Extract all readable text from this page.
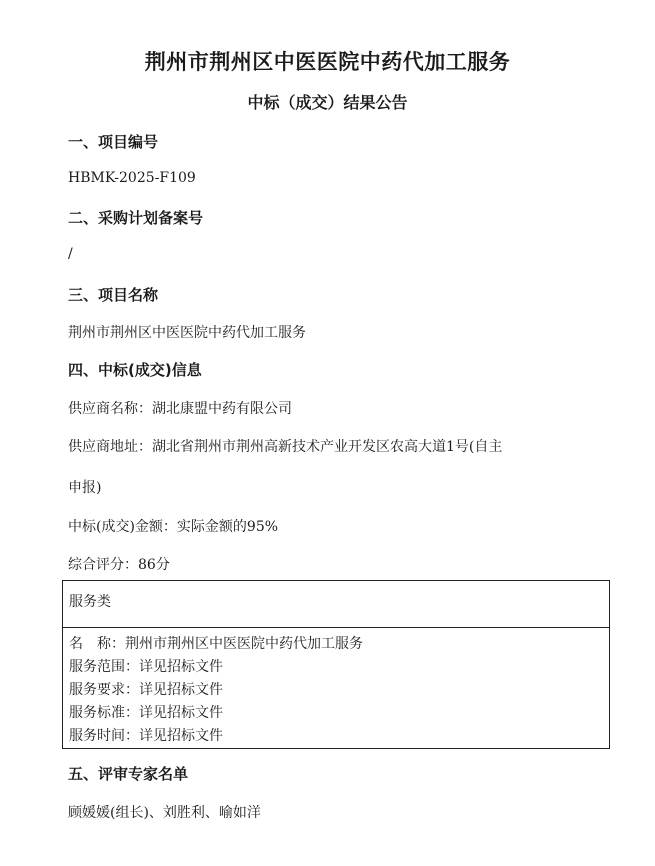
荆州市荆州区中医医院中药代加工服务
中标（成交）结果公告
一、项目编号
HBMK-2025-F109
二、采购计划备案号
/
三、项目名称
荆州市荆州区中医医院中药代加工服务
四、中标(成交)信息
供应商名称：湖北康盟中药有限公司
供应商地址：湖北省荆州市荆州高新技术产业开发区农高大道1号(自主
申报)
中标(成交)金额：实际金额的95%
综合评分：86分
服务类
名　称：荆州市荆州区中医医院中药代加工服务
服务范围：详见招标文件
服务要求：详见招标文件
服务标准：详见招标文件
服务时间：详见招标文件
五、评审专家名单
顾媛媛(组长)、刘胜利、喻如洋
